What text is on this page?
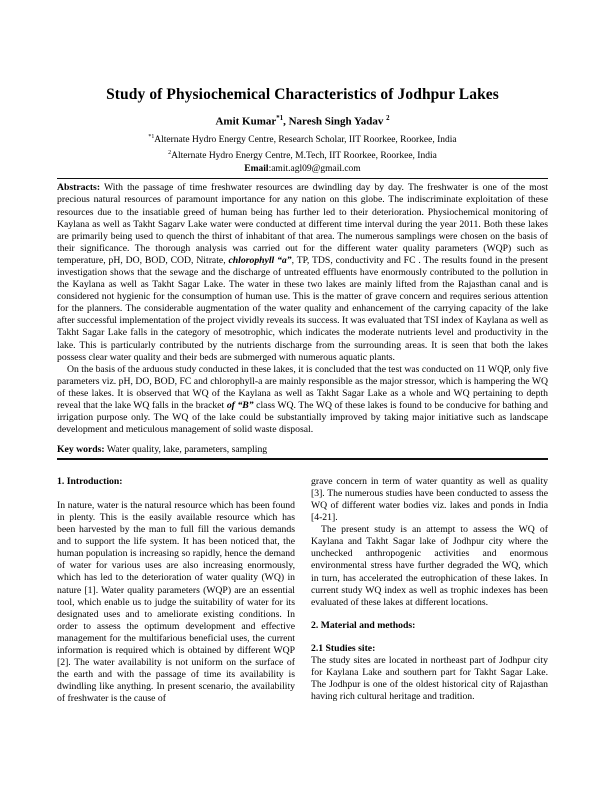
Study of Physiochemical Characteristics of Jodhpur Lakes
Amit Kumar$^{*1}$, Naresh Singh Yadav $^2$
$^{*1}$Alternate Hydro Energy Centre, Research Scholar, IIT Roorkee, Roorkee, India
$^2$Alternate Hydro Energy Centre, M.Tech, IIT Roorkee, Roorkee, India
Email:amit.agl09@gmail.com

Abstracts: With the passage of time freshwater resources are dwindling day by day. The freshwater is one of the most precious natural resources of paramount importance for any nation on this globe. The indiscriminate exploitation of these resources due to the insatiable greed of human being has further led to their deterioration. Physiochemical monitoring of Kaylana as well as Takht Sagarv Lake water were conducted at different time interval during the year 2011. Both these lakes are primarily being used to quench the thirst of inhabitant of that area. The numerous samplings were chosen on the basis of their significance. The thorough analysis was carried out for the different water quality parameters (WQP) such as temperature, pH, DO, BOD, COD, Nitrate, chlorophyll “a”, TP, TDS, conductivity and FC . The results found in the present investigation shows that the sewage and the discharge of untreated effluents have enormously contributed to the pollution in the Kaylana as well as Takht Sagar Lake. The water in these two lakes are mainly lifted from the Rajasthan canal and is considered not hygienic for the consumption of human use. This is the matter of grave concern and requires serious attention for the planners. The considerable augmentation of the water quality and enhancement of the carrying capacity of the lake after successful implementation of the project vividly reveals its success. It was evaluated that TSI index of Kaylana as well as Takht Sagar Lake falls in the category of mesotrophic, which indicates the moderate nutrients level and productivity in the lake. This is particularly contributed by the nutrients discharge from the surrounding areas. It is seen that both the lakes possess clear water quality and their beds are submerged with numerous aquatic plants.

On the basis of the arduous study conducted in these lakes, it is concluded that the test was conducted on 11 WQP, only five parameters viz. pH, DO, BOD, FC and chlorophyll-a are mainly responsible as the major stressor, which is hampering the WQ of these lakes. It is observed that WQ of the Kaylana as well as Takht Sagar Lake as a whole and WQ pertaining to depth reveal that the lake WQ falls in the bracket of “B” class WQ. The WQ of these lakes is found to be conducive for bathing and irrigation purpose only. The WQ of the lake could be substantially improved by taking major initiative such as landscape development and meticulous management of solid waste disposal.

Key words: Water quality, lake, parameters, sampling
1. Introduction:

In nature, water is the natural resource which has been found in plenty. This is the easily available resource which has been harvested by the man to full fill the various demands and to support the life system. It has been noticed that, the human population is increasing so rapidly, hence the demand of water for various uses are also increasing enormously, which has led to the deterioration of water quality (WQ) in nature [1]. Water quality parameters (WQP) are an essential tool, which enable us to judge the suitability of water for its designated uses and to ameliorate existing conditions. In order to assess the optimum development and effective management for the multifarious beneficial uses, the current information is required which is obtained by different WQP [2]. The water availability is not uniform on the surface of the earth and with the passage of time its availability is dwindling like anything. In present scenario, the availability of freshwater is the cause of

grave concern in term of water quantity as well as quality [3]. The numerous studies have been conducted to assess the WQ of different water bodies viz. lakes and ponds in India [4-21].

The present study is an attempt to assess the WQ of Kaylana and Takht Sagar lake of Jodhpur city where the unchecked anthropogenic activities and enormous environmental stress have further degraded the WQ, which in turn, has accelerated the eutrophication of these lakes. In current study WQ index as well as trophic indexes has been evaluated of these lakes at different locations.

2. Material and methods:
2.1 Studies site:

The study sites are located in northeast part of Jodhpur city for Kaylana Lake and southern part for Takht Sagar Lake. The Jodhpur is one of the oldest historical city of Rajasthan having rich cultural heritage and tradition.
